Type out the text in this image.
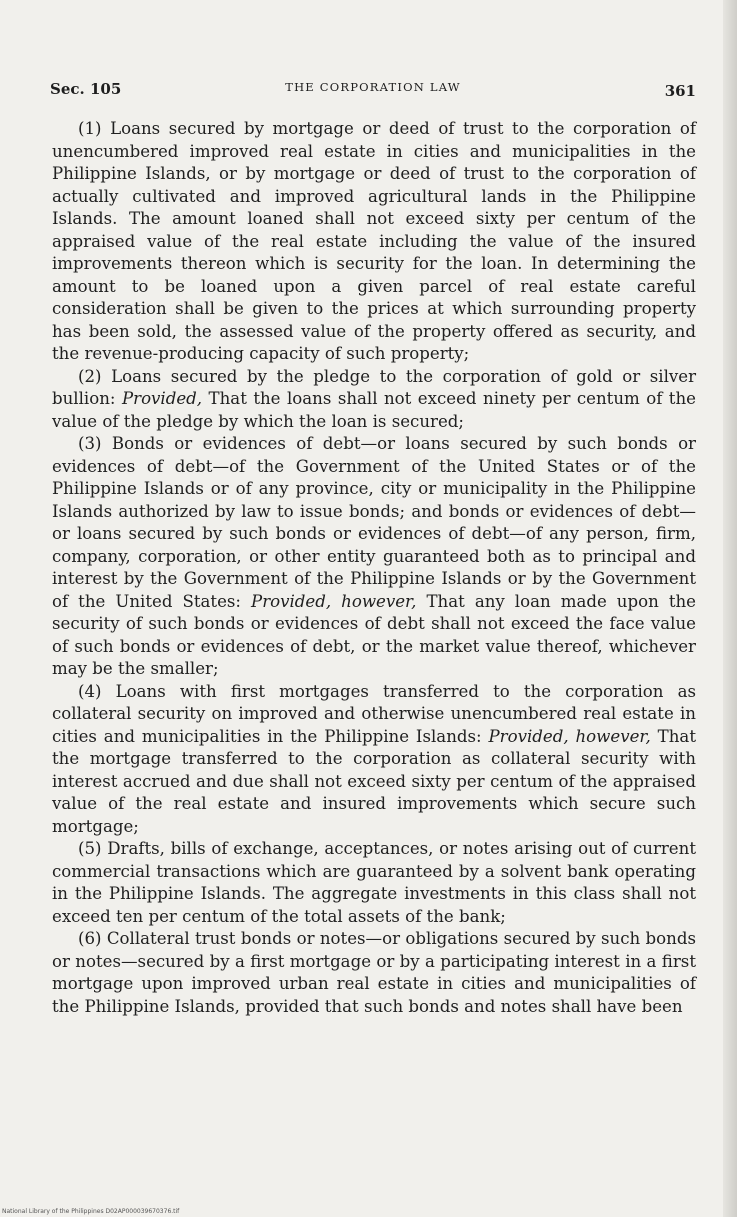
Sec. 105	THE CORPORATION LAW	361

(1) Loans secured by mortgage or deed of trust to the corporation of unencumbered improved real estate in cities and municipalities in the Philippine Islands, or by mortgage or deed of trust to the corporation of actually cultivated and improved agricultural lands in the Philippine Islands. The amount loaned shall not exceed sixty per centum of the appraised value of the real estate including the value of the insured improvements thereon which is security for the loan. In determining the amount to be loaned upon a given parcel of real estate careful consideration shall be given to the prices at which surrounding property has been sold, the assessed value of the property offered as security, and the revenue-producing capacity of such property;

(2) Loans secured by the pledge to the corporation of gold or silver bullion: Provided, That the loans shall not exceed ninety per centum of the value of the pledge by which the loan is secured;

(3) Bonds or evidences of debt—or loans secured by such bonds or evidences of debt—of the Government of the United States or of the Philippine Islands or of any province, city or municipality in the Philippine Islands authorized by law to issue bonds; and bonds or evidences of debt—or loans secured by such bonds or evidences of debt—of any person, firm, company, corporation, or other entity guaranteed both as to principal and interest by the Government of the Philippine Islands or by the Government of the United States: Provided, however, That any loan made upon the security of such bonds or evidences of debt shall not exceed the face value of such bonds or evidences of debt, or the market value thereof, whichever may be the smaller;

(4) Loans with first mortgages transferred to the corporation as collateral security on improved and otherwise unencumbered real estate in cities and municipalities in the Philippine Islands: Provided, however, That the mortgage transferred to the corporation as collateral security with interest accrued and due shall not exceed sixty per centum of the appraised value of the real estate and insured improvements which secure such mortgage;

(5) Drafts, bills of exchange, acceptances, or notes arising out of current commercial transactions which are guaranteed by a solvent bank operating in the Philippine Islands. The aggregate investments in this class shall not exceed ten per centum of the total assets of the bank;

(6) Collateral trust bonds or notes—or obligations secured by such bonds or notes—secured by a first mortgage or by a participating interest in a first mortgage upon improved urban real estate in cities and municipalities of the Philippine Islands, provided that such bonds and notes shall have been

National Library of the Philippines D02AP000039670376.tif
